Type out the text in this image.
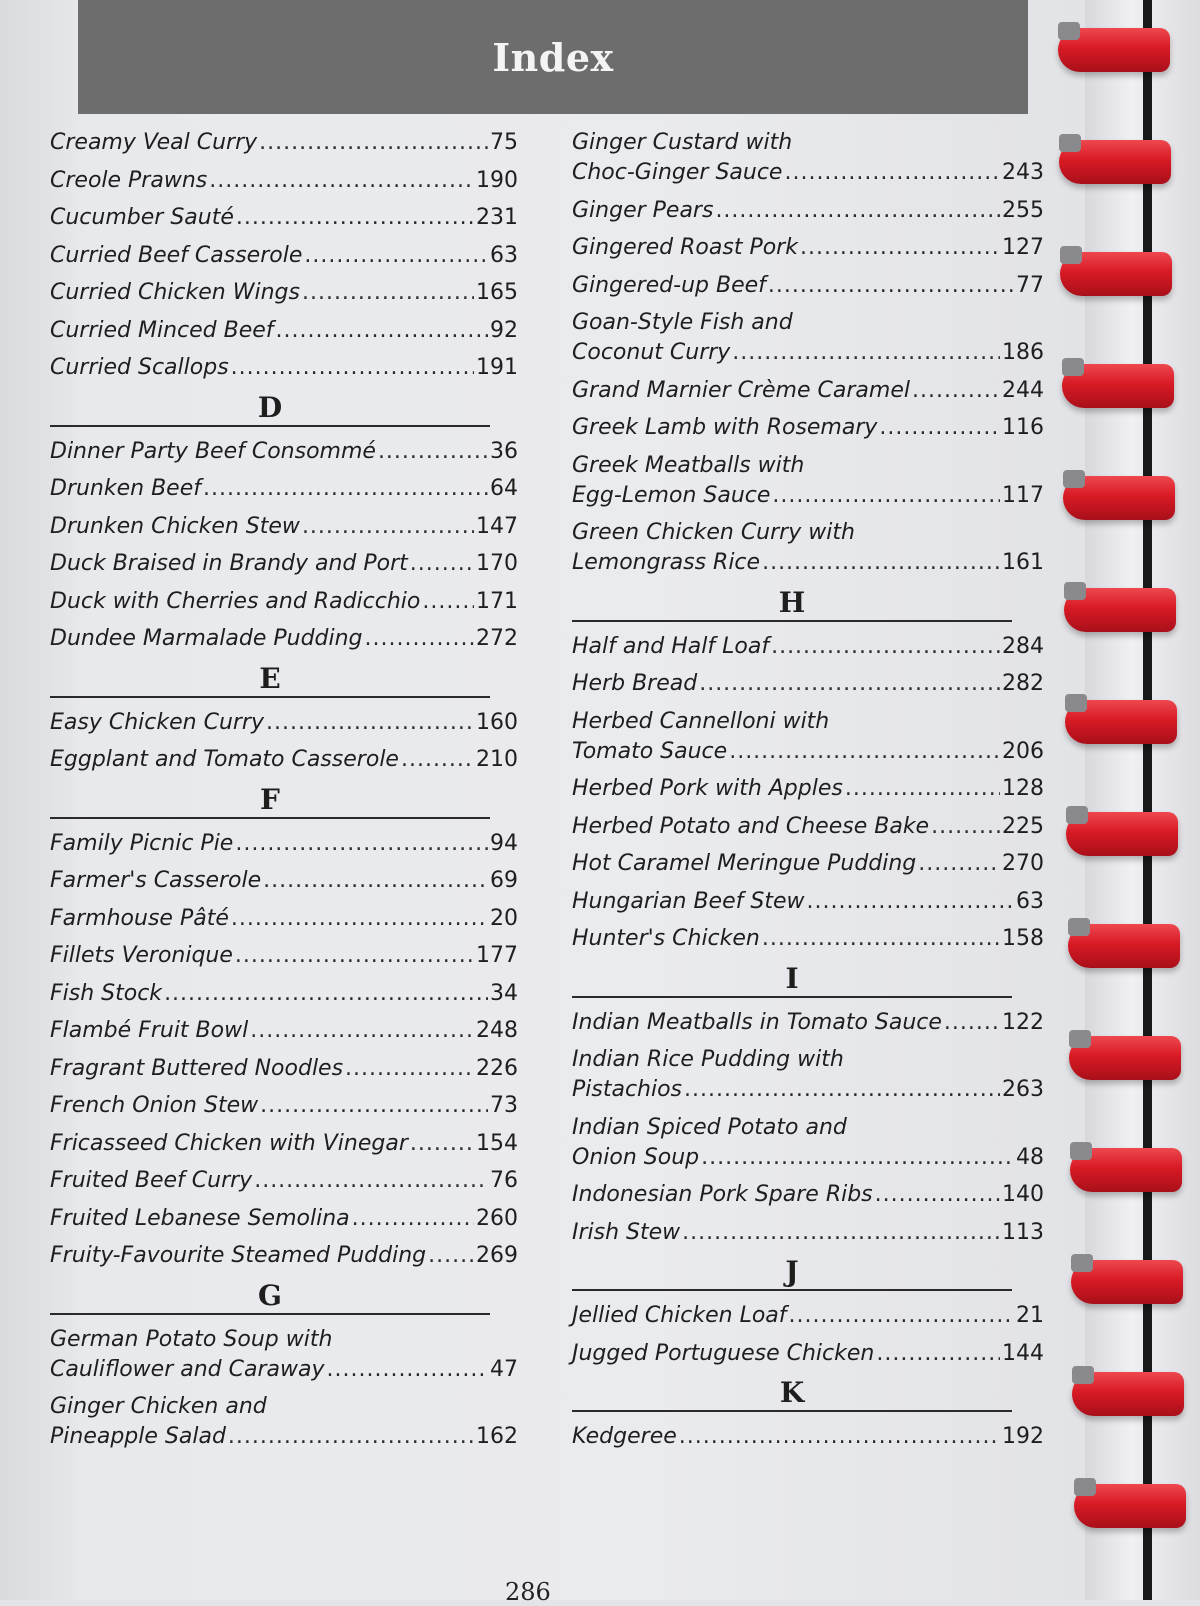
Index
Creamy Veal Curry .....	75
Creole Prawns .....	190
Cucumber Sauté .....	231
Curried Beef Casserole .....	63
Curried Chicken Wings .....	165
Curried Minced Beef .....	92
Curried Scallops .....	191
D
Dinner Party Beef Consommé .....	36
Drunken Beef .....	64
Drunken Chicken Stew .....	147
Duck Braised in Brandy and Port .....	170
Duck with Cherries and Radicchio .....	171
Dundee Marmalade Pudding .....	272
E
Easy Chicken Curry .....	160
Eggplant and Tomato Casserole .....	210
F
Family Picnic Pie .....	94
Farmer's Casserole .....	69
Farmhouse Pâté .....	20
Fillets Veronique .....	177
Fish Stock .....	34
Flambé Fruit Bowl .....	248
Fragrant Buttered Noodles .....	226
French Onion Stew .....	73
Fricasseed Chicken with Vinegar .....	154
Fruited Beef Curry .....	76
Fruited Lebanese Semolina .....	260
Fruity-Favourite Steamed Pudding ..... 269
G
German Potato Soup with
Cauliflower and Caraway .....	47
Ginger Chicken and
Pineapple Salad .....	162
Ginger Custard with
Choc-Ginger Sauce .....	243
Ginger Pears .....	255
Gingered Roast Pork .....	127
Gingered-up Beef .....	77
Goan-Style Fish and
Coconut Curry .....	186
Grand Marnier Crème Caramel .....	244
Greek Lamb with Rosemary .....	116
Greek Meatballs with
Egg-Lemon Sauce .....	117
Green Chicken Curry with
Lemongrass Rice .....	161
H
Half and Half Loaf .....	284
Herb Bread .....	282
Herbed Cannelloni with
Tomato Sauce .....	206
Herbed Pork with Apples .....	128
Herbed Potato and Cheese Bake .....	225
Hot Caramel Meringue Pudding .....	270
Hungarian Beef Stew .....	63
Hunter's Chicken .....	158
I
Indian Meatballs in Tomato Sauce .....	122
Indian Rice Pudding with
Pistachios .....	263
Indian Spiced Potato and
Onion Soup .....	48
Indonesian Pork Spare Ribs .....	140
Irish Stew .....	113
J
Jellied Chicken Loaf .....	21
Jugged Portuguese Chicken .....	144
K
Kedgeree .....	192
286
